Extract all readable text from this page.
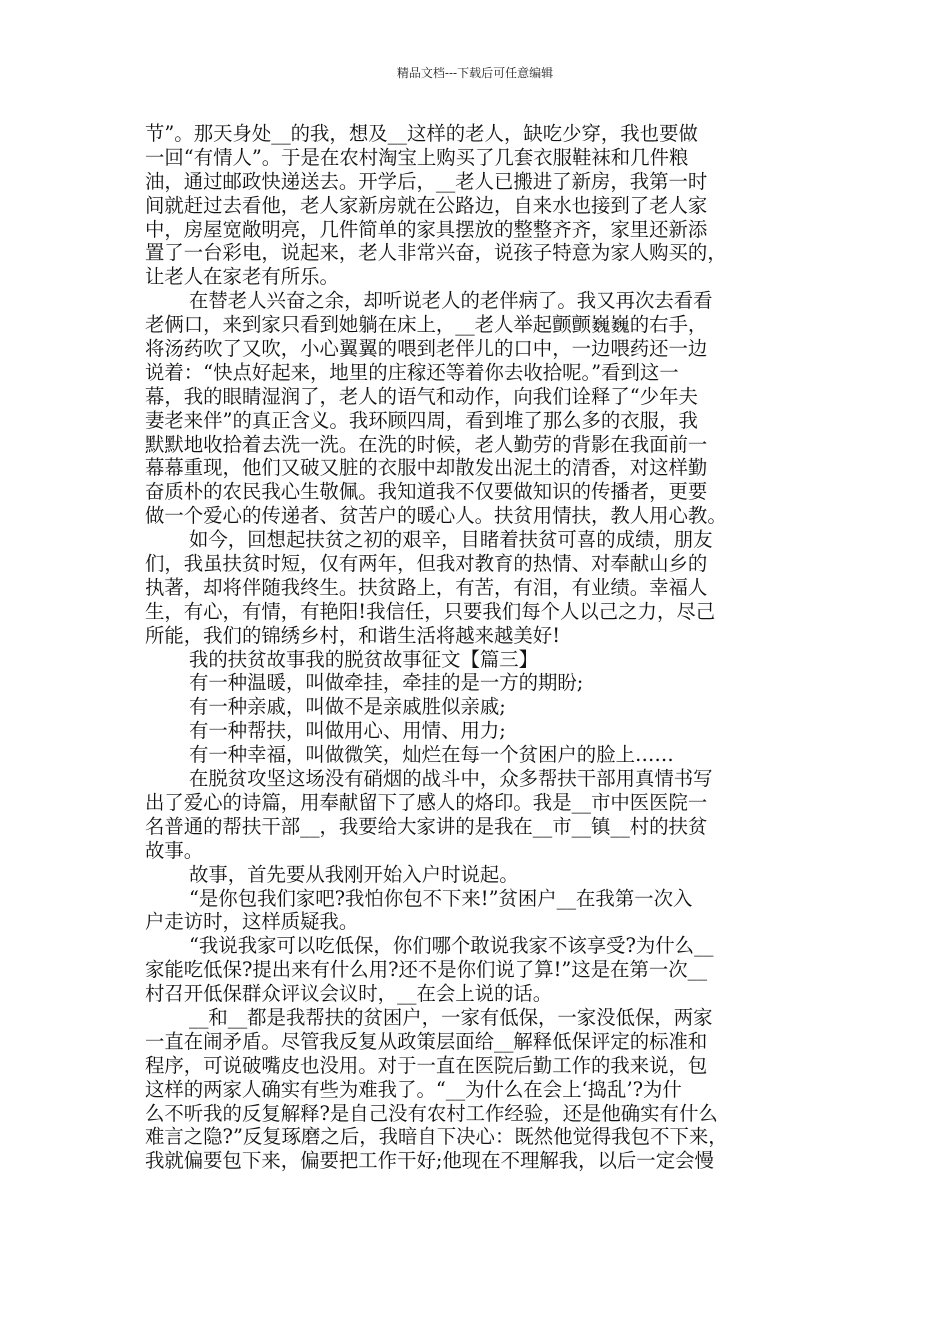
精品文档---下载后可任意编辑
节”。那天身处__的我，想及__这样的老人，缺吃少穿，我也要做
一回“有情人”。于是在农村淘宝上购买了几套衣服鞋袜和几件粮
油，通过邮政快递送去。开学后，__老人已搬进了新房，我第一时
间就赶过去看他，老人家新房就在公路边，自来水也接到了老人家
中，房屋宽敞明亮，几件简单的家具摆放的整整齐齐，家里还新添
置了一台彩电，说起来，老人非常兴奋，说孩子特意为家人购买的，
让老人在家老有所乐。
在替老人兴奋之余，却听说老人的老伴病了。我又再次去看看
老俩口，来到家只看到她躺在床上，__老人举起颤颤巍巍的右手，
将汤药吹了又吹，小心翼翼的喂到老伴儿的口中，一边喂药还一边
说着：“快点好起来，地里的庄稼还等着你去收拾呢。”看到这一
幕，我的眼睛湿润了，老人的语气和动作，向我们诠释了“少年夫
妻老来伴”的真正含义。我环顾四周，看到堆了那么多的衣服，我
默默地收拾着去洗一洗。在洗的时候，老人勤劳的背影在我面前一
幕幕重现，他们又破又脏的衣服中却散发出泥土的清香，对这样勤
奋质朴的农民我心生敬佩。我知道我不仅要做知识的传播者，更要
做一个爱心的传递者、贫苦户的暖心人。扶贫用情扶，教人用心教。
如今，回想起扶贫之初的艰辛，目睹着扶贫可喜的成绩，朋友
们，我虽扶贫时短，仅有两年，但我对教育的热情、对奉献山乡的
执著，却将伴随我终生。扶贫路上，有苦，有泪，有业绩。幸福人
生，有心，有情，有艳阳!我信任，只要我们每个人以己之力，尽己
所能，我们的锦绣乡村，和谐生活将越来越美好!
我的扶贫故事我的脱贫故事征文【篇三】
有一种温暖，叫做牵挂，牵挂的是一方的期盼;
有一种亲戚，叫做不是亲戚胜似亲戚;
有一种帮扶，叫做用心、用情、用力;
有一种幸福，叫做微笑，灿烂在每一个贫困户的脸上……
在脱贫攻坚这场没有硝烟的战斗中，众多帮扶干部用真情书写
出了爱心的诗篇，用奉献留下了感人的烙印。我是__市中医医院一
名普通的帮扶干部__，我要给大家讲的是我在__市__镇__村的扶贫
故事。
故事，首先要从我刚开始入户时说起。
“是你包我们家吧?我怕你包不下来!”贫困户__在我第一次入
户走访时，这样质疑我。
“我说我家可以吃低保，你们哪个敢说我家不该享受?为什么__
家能吃低保?提出来有什么用?还不是你们说了算!”这是在第一次__
村召开低保群众评议会议时，__在会上说的话。
__和__都是我帮扶的贫困户，一家有低保，一家没低保，两家
一直在闹矛盾。尽管我反复从政策层面给__解释低保评定的标准和
程序，可说破嘴皮也没用。对于一直在医院后勤工作的我来说，包
这样的两家人确实有些为难我了。“__为什么在会上‘捣乱’?为什
么不听我的反复解释?是自己没有农村工作经验，还是他确实有什么
难言之隐?”反复琢磨之后，我暗自下决心：既然他觉得我包不下来，
我就偏要包下来，偏要把工作干好;他现在不理解我，以后一定会慢
